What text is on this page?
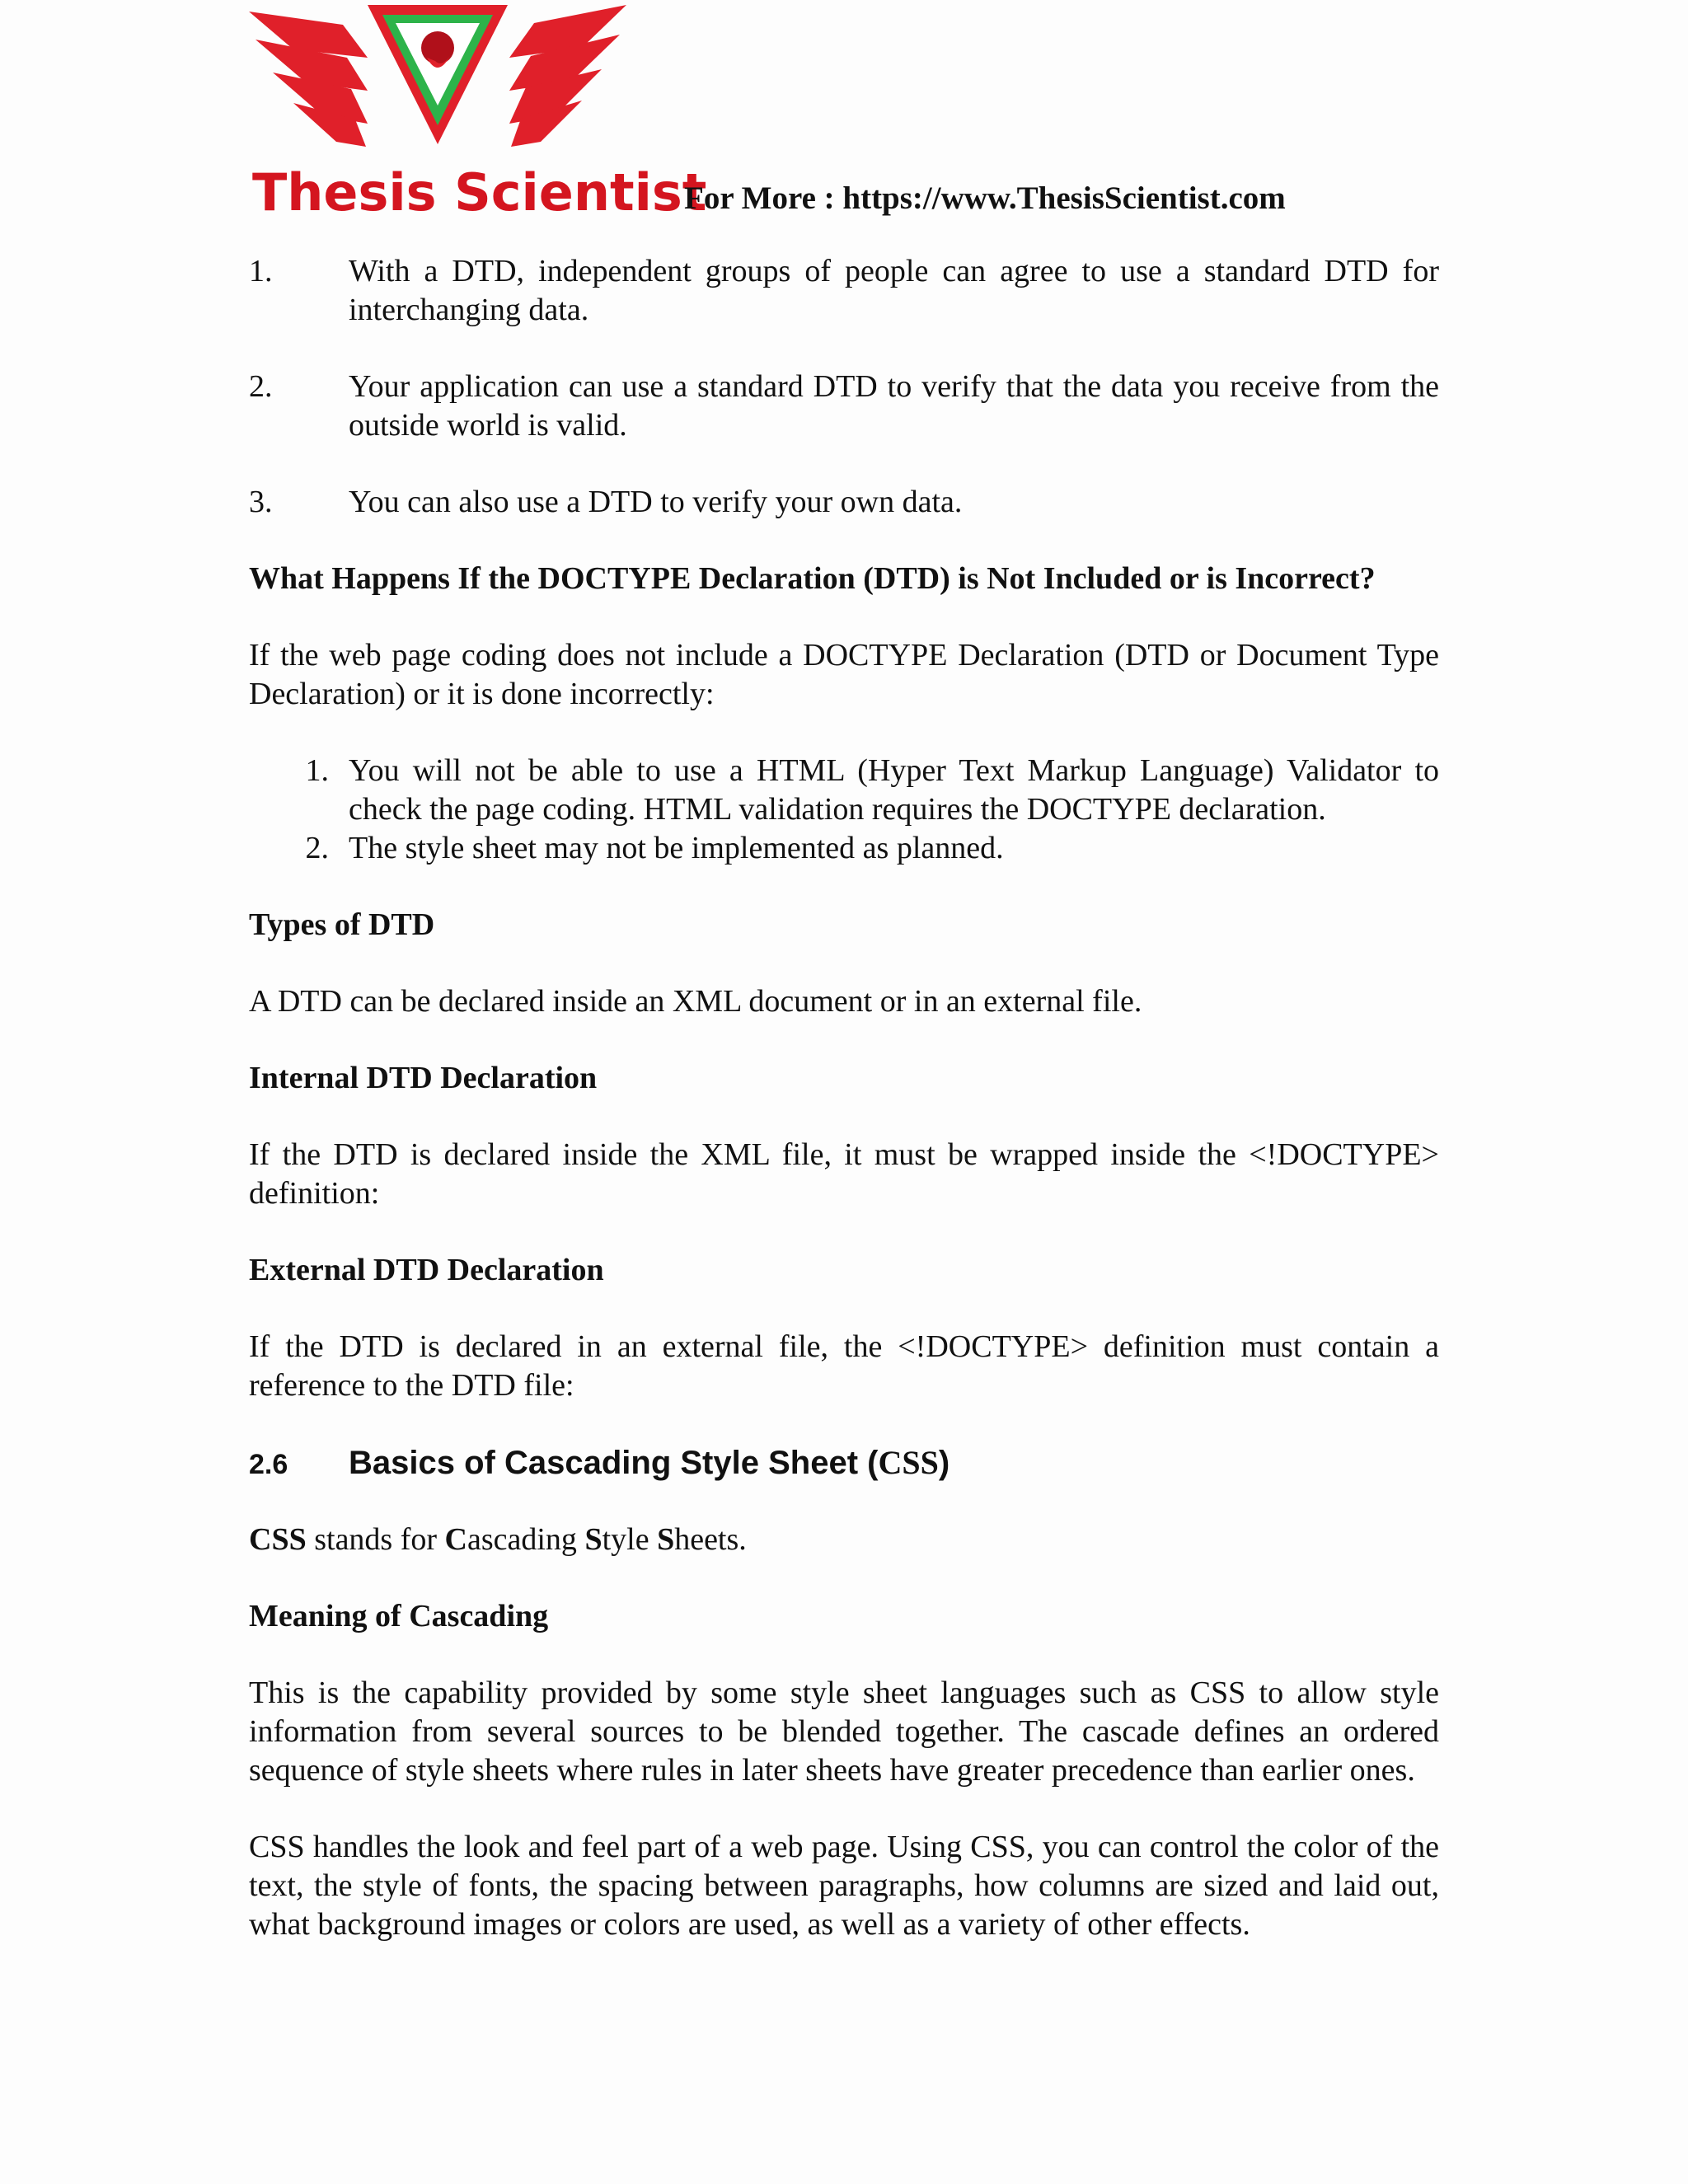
Thesis Scientist
For More : https://www.ThesisScientist.com
1.	With a DTD, independent groups of people can agree to use a standard DTD for interchanging data.
2.	Your application can use a standard DTD to verify that the data you receive from the outside world is valid.
3.	You can also use a DTD to verify your own data.

What Happens If the DOCTYPE Declaration (DTD) is Not Included or is Incorrect?

If the web page coding does not include a DOCTYPE Declaration (DTD or Document Type Declaration) or it is done incorrectly:

1. You will not be able to use a HTML (Hyper Text Markup Language) Validator to check the page coding. HTML validation requires the DOCTYPE declaration.
2. The style sheet may not be implemented as planned.

Types of DTD

A DTD can be declared inside an XML document or in an external file.

Internal DTD Declaration

If the DTD is declared inside the XML file, it must be wrapped inside the <!DOCTYPE> definition:

External DTD Declaration

If the DTD is declared in an external file, the <!DOCTYPE> definition must contain a reference to the DTD file:

2.6	Basics of Cascading Style Sheet (CSS)

CSS stands for Cascading Style Sheets.

Meaning of Cascading

This is the capability provided by some style sheet languages such as CSS to allow style information from several sources to be blended together. The cascade defines an ordered sequence of style sheets where rules in later sheets have greater precedence than earlier ones.

CSS handles the look and feel part of a web page. Using CSS, you can control the color of the text, the style of fonts, the spacing between paragraphs, how columns are sized and laid out, what background images or colors are used, as well as a variety of other effects.
